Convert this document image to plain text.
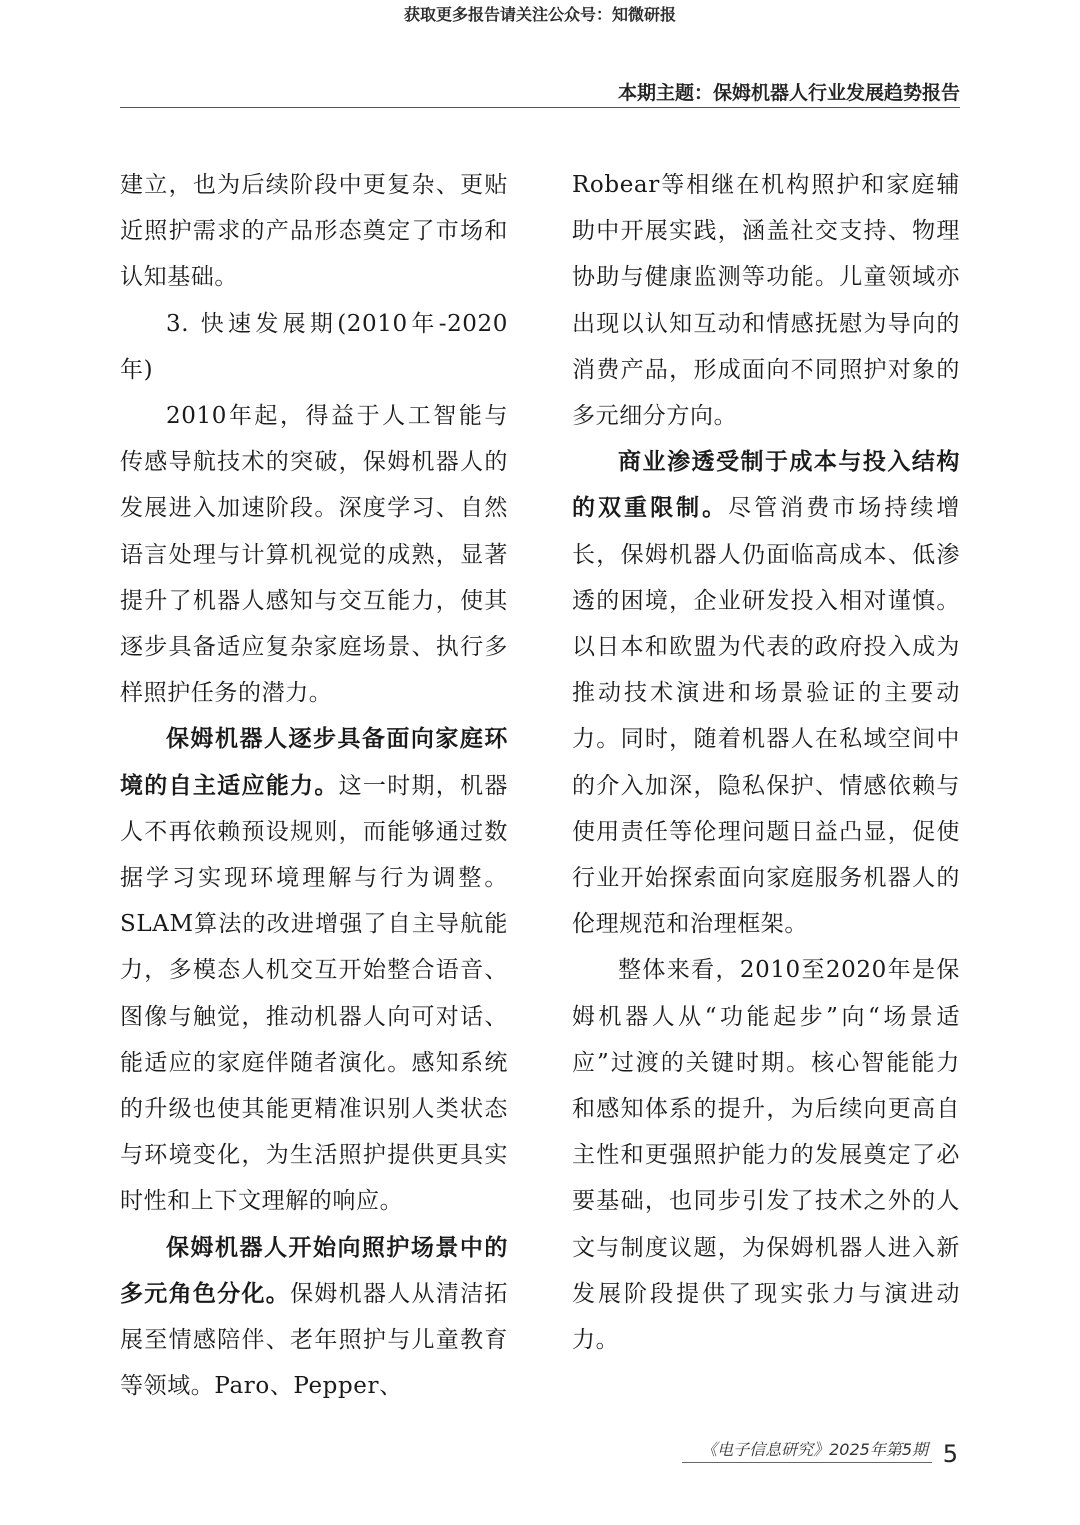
获取更多报告请关注公众号：知微研报
本期主题：保姆机器人行业发展趋势报告

建立，也为后续阶段中更复杂、更贴近照护需求的产品形态奠定了市场和认知基础。

3. 快速发展期(2010年-2020年)

2010年起，得益于人工智能与传感导航技术的突破，保姆机器人的发展进入加速阶段。深度学习、自然语言处理与计算机视觉的成熟，显著提升了机器人感知与交互能力，使其逐步具备适应复杂家庭场景、执行多样照护任务的潜力。

保姆机器人逐步具备面向家庭环境的自主适应能力。这一时期，机器人不再依赖预设规则，而能够通过数据学习实现环境理解与行为调整。SLAM算法的改进增强了自主导航能力，多模态人机交互开始整合语音、图像与触觉，推动机器人向可对话、能适应的家庭伴随者演化。感知系统的升级也使其能更精准识别人类状态与环境变化，为生活照护提供更具实时性和上下文理解的响应。

保姆机器人开始向照护场景中的多元角色分化。保姆机器人从清洁拓展至情感陪伴、老年照护与儿童教育等领域。Paro、Pepper、

Robear等相继在机构照护和家庭辅助中开展实践，涵盖社交支持、物理协助与健康监测等功能。儿童领域亦出现以认知互动和情感抚慰为导向的消费产品，形成面向不同照护对象的多元细分方向。

商业渗透受制于成本与投入结构的双重限制。尽管消费市场持续增长，保姆机器人仍面临高成本、低渗透的困境，企业研发投入相对谨慎。以日本和欧盟为代表的政府投入成为推动技术演进和场景验证的主要动力。同时，随着机器人在私域空间中的介入加深，隐私保护、情感依赖与使用责任等伦理问题日益凸显，促使行业开始探索面向家庭服务机器人的伦理规范和治理框架。

整体来看，2010至2020年是保姆机器人从“功能起步”向“场景适应”过渡的关键时期。核心智能能力和感知体系的提升，为后续向更高自主性和更强照护能力的发展奠定了必要基础，也同步引发了技术之外的人文与制度议题，为保姆机器人进入新发展阶段提供了现实张力与演进动力。

《电子信息研究》2025年第5期 5
